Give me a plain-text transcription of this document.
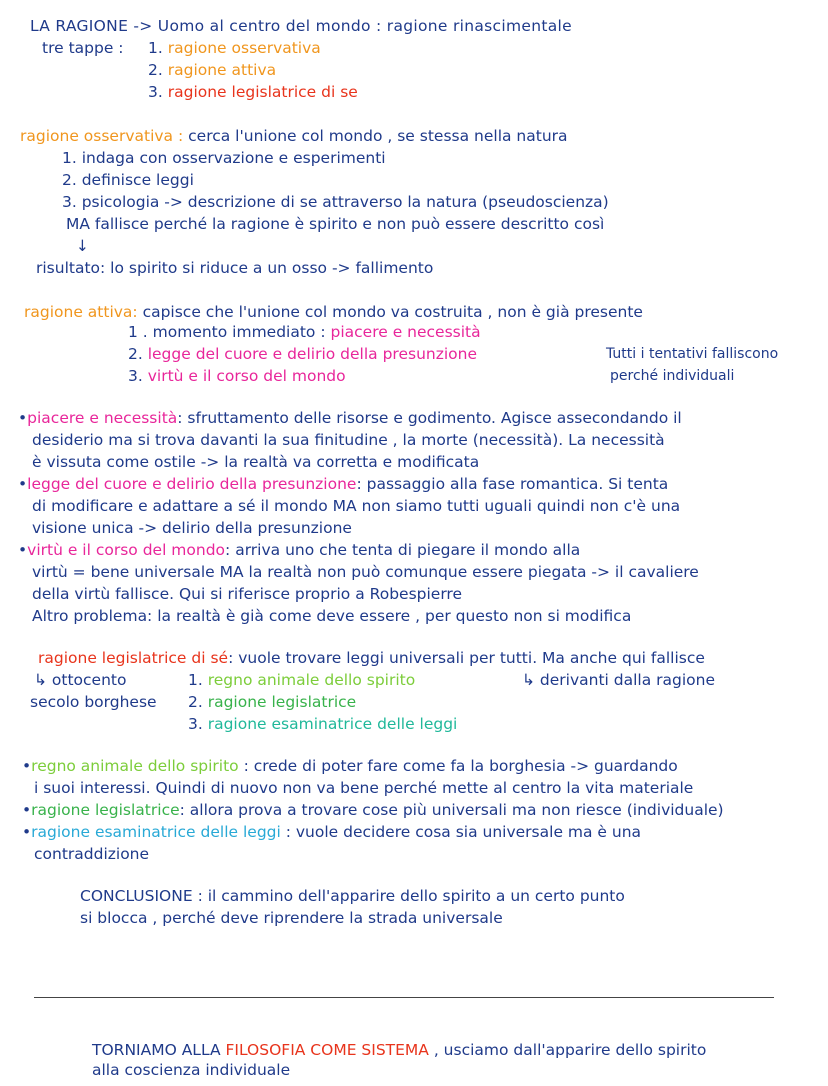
LA RAGIONE -> Uomo al centro del mondo : ragione rinascimentale
tre tappe : 1. ragione osservativa
2. ragione attiva
3. ragione legislatrice di se
ragione osservativa : cerca l'unione col mondo , se stessa nella natura
1. indaga con osservazione e esperimenti
2. definisce leggi
3. psicologia -> descrizione di se attraverso la natura (pseudoscienza)
MA fallisce perché la ragione è spirito e non può essere descritto così
↓
risultato: lo spirito si riduce a un osso -> fallimento
ragione attiva: capisce che l'unione col mondo va costruita , non è già presente
1 . momento immediato : piacere e necessità
2. legge del cuore e delirio della presunzione
3. virtù e il corso del mondo
Tutti i tentativi falliscono
perché individuali
•piacere e necessità: sfruttamento delle risorse e godimento. Agisce assecondando il
desiderio ma si trova davanti la sua finitudine , la morte (necessità). La necessità
è vissuta come ostile -> la realtà va corretta e modificata
•legge del cuore e delirio della presunzione: passaggio alla fase romantica. Si tenta
di modificare e adattare a sé il mondo MA non siamo tutti uguali quindi non c'è una
visione unica -> delirio della presunzione
•virtù e il corso del mondo: arriva uno che tenta di piegare il mondo alla
virtù = bene universale MA la realtà non può comunque essere piegata -> il cavaliere
della virtù fallisce. Qui si riferisce proprio a Robespierre
Altro problema: la realtà è già come deve essere , per questo non si modifica
ragione legislatrice di sé: vuole trovare leggi universali per tutti. Ma anche qui fallisce
↳ ottocento
secolo borghese
1. regno animale dello spirito
2. ragione legislatrice
3. ragione esaminatrice delle leggi
↳ derivanti dalla ragione
•regno animale dello spirito : crede di poter fare come fa la borghesia -> guardando
i suoi interessi. Quindi di nuovo non va bene perché mette al centro la vita materiale
•ragione legislatrice: allora prova a trovare cose più universali ma non riesce (individuale)
•ragione esaminatrice delle leggi : vuole decidere cosa sia universale ma è una
contraddizione
CONCLUSIONE : il cammino dell'apparire dello spirito a un certo punto
si blocca , perché deve riprendere la strada universale
TORNIAMO ALLA FILOSOFIA COME SISTEMA , usciamo dall'apparire dello spirito
alla coscienza individuale
